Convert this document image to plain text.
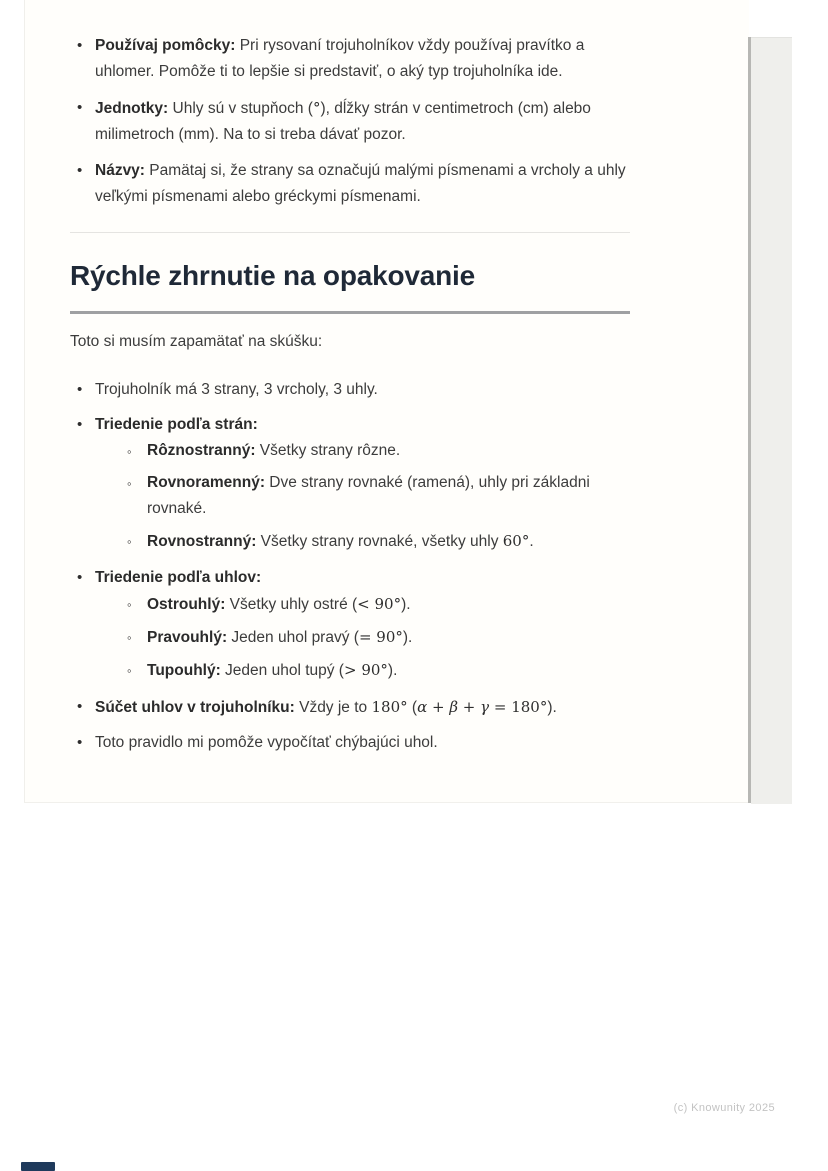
• Používaj pomôcky: Pri rysovaní trojuholníkov vždy používaj pravítko a uhlomer. Pomôže ti to lepšie si predstaviť, o aký typ trojuholníka ide.
• Jednotky: Uhly sú v stupňoch (°), dĺžky strán v centimetroch (cm) alebo milimetroch (mm). Na to si treba dávať pozor.
• Názvy: Pamätaj si, že strany sa označujú malými písmenami a vrcholy a uhly veľkými písmenami alebo gréckymi písmenami.
Rýchle zhrnutie na opakovanie

Toto si musím zapamätať na skúšku:

• Trojuholník má 3 strany, 3 vrcholy, 3 uhly.
• Triedenie podľa strán:
◦ Rôznostranný: Všetky strany rôzne.
◦ Rovnoramenný: Dve strany rovnaké (ramená), uhly pri základni rovnaké.
◦ Rovnostranný: Všetky strany rovnaké, všetky uhly 60°.
• Triedenie podľa uhlov:
◦ Ostrouhlý: Všetky uhly ostré (< 90°).
◦ Pravouhlý: Jeden uhol pravý (= 90°).
◦ Tupouhlý: Jeden uhol tupý (> 90°).
• Súčet uhlov v trojuholníku: Vždy je to 180° (α + β + γ = 180°).
• Toto pravidlo mi pomôže vypočítať chýbajúci uhol.
(c) Knowunity 2025
